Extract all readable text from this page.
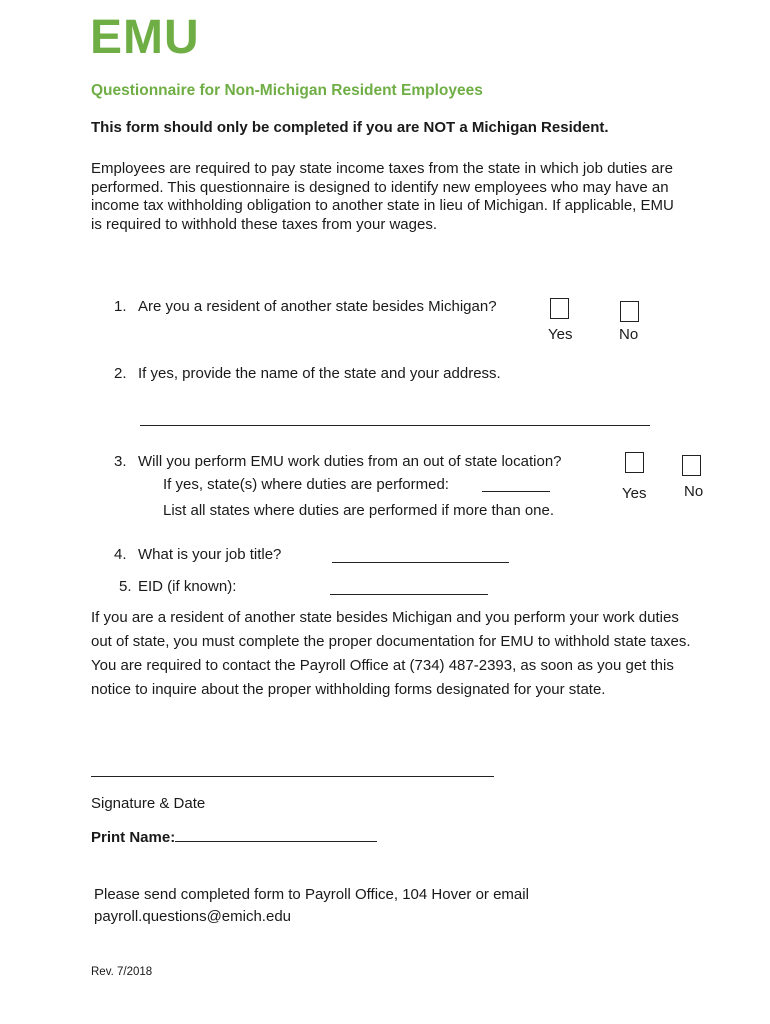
EMU
Questionnaire for Non-Michigan Resident Employees
This form should only be completed if you are NOT a Michigan Resident.
Employees are required to pay state income taxes from the state in which job duties are performed. This questionnaire is designed to identify new employees who may have an income tax withholding obligation to another state in lieu of Michigan. If applicable, EMU is required to withhold these taxes from your wages.
1. Are you a resident of another state besides Michigan?
Yes	No
2. If yes, provide the name of the state and your address.
3. Will you perform EMU work duties from an out of state location?
If yes, state(s) where duties are performed:
List all states where duties are performed if more than one.
Yes	No
4. What is your job title?
5. EID (if known):
If you are a resident of another state besides Michigan and you perform your work duties out of state, you must complete the proper documentation for EMU to withhold state taxes. You are required to contact the Payroll Office at (734) 487-2393, as soon as you get this notice to inquire about the proper withholding forms designated for your state.
Signature & Date
Print Name:
Please send completed form to Payroll Office, 104 Hover or email payroll.questions@emich.edu
Rev. 7/2018
